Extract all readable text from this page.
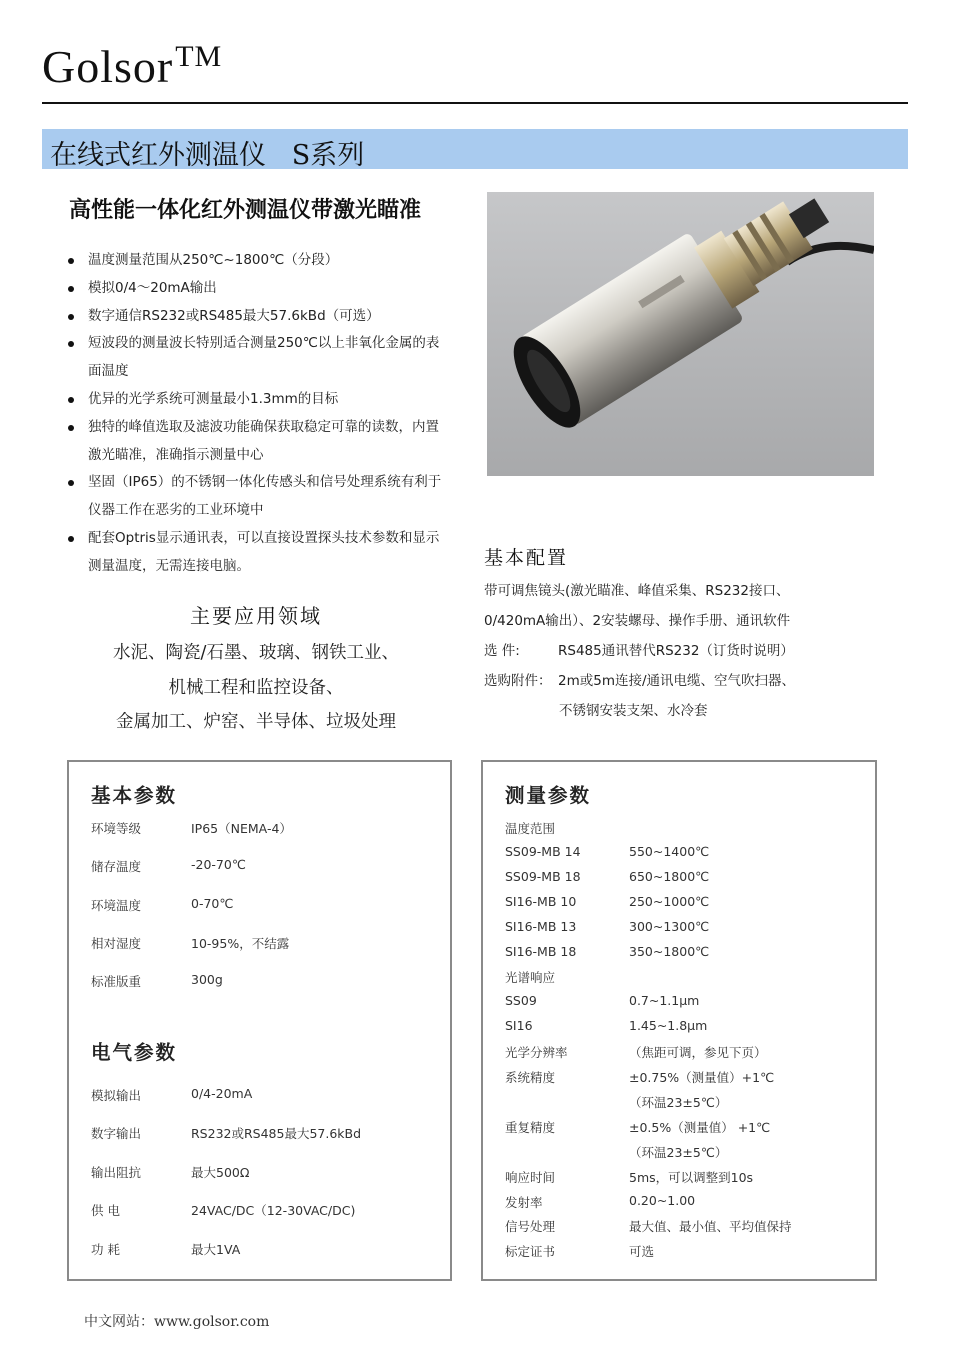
Golsor™
在线式红外测温仪   S系列
高性能一体化红外测温仪带激光瞄准
温度测量范围从250℃~1800℃（分段）
模拟0/4～20mA输出
数字通信RS232或RS485最大57.6kBd（可选）
短波段的测量波长特别适合测量250℃以上非氧化金属的表面温度
优异的光学系统可测量最小1.3mm的目标
独特的峰值选取及滤波功能确保获取稳定可靠的读数，内置激光瞄准，准确指示测量中心
坚固（IP65）的不锈钢一体化传感头和信号处理系统有利于仪器工作在恶劣的工业环境中
配套Optris显示通讯表，可以直接设置探头技术参数和显示测量温度，无需连接电脑。
主要应用领域
水泥、陶瓷/石墨、玻璃、钢铁工业、
机械工程和监控设备、
金属加工、炉窑、半导体、垃圾处理
基本配置
带可调焦镜头(激光瞄准、峰值采集、RS232接口、
0/420mA输出）、2安装螺母、操作手册、通讯软件
选 件:	RS485通讯替代RS232（订货时说明）
选购附件： 2m或5m连接/通讯电缆、空气吹扫器、
不锈钢安装支架、水冷套
基本参数
环境等级	IP65（NEMA-4）
储存温度	-20-70℃
环境温度	0-70℃
相对湿度	10-95%，不结露
标准版重	300g
电气参数
模拟输出	0/4-20mA
数字输出	RS232或RS485最大57.6kBd
输出阻抗	最大500Ω
供 电	24VAC/DC（12-30VAC/DC)
功 耗	最大1VA
测量参数
温度范围
SS09-MB 14	550~1400℃
SS09-MB 18	650~1800℃
SI16-MB 10	250~1000℃
SI16-MB 13	300~1300℃
SI16-MB 18	350~1800℃
光谱响应
SS09	0.7~1.1μm
SI16	1.45~1.8μm
光学分辨率	（焦距可调，参见下页）
系统精度	±0.75%（测量值）+1℃
（环温23±5℃）
重复精度	±0.5%（测量值） +1℃
（环温23±5℃）
响应时间	5ms，可以调整到10s
发射率	0.20~1.00
信号处理	最大值、最小值、平均值保持
标定证书	可选
中文网站：www.golsor.com
